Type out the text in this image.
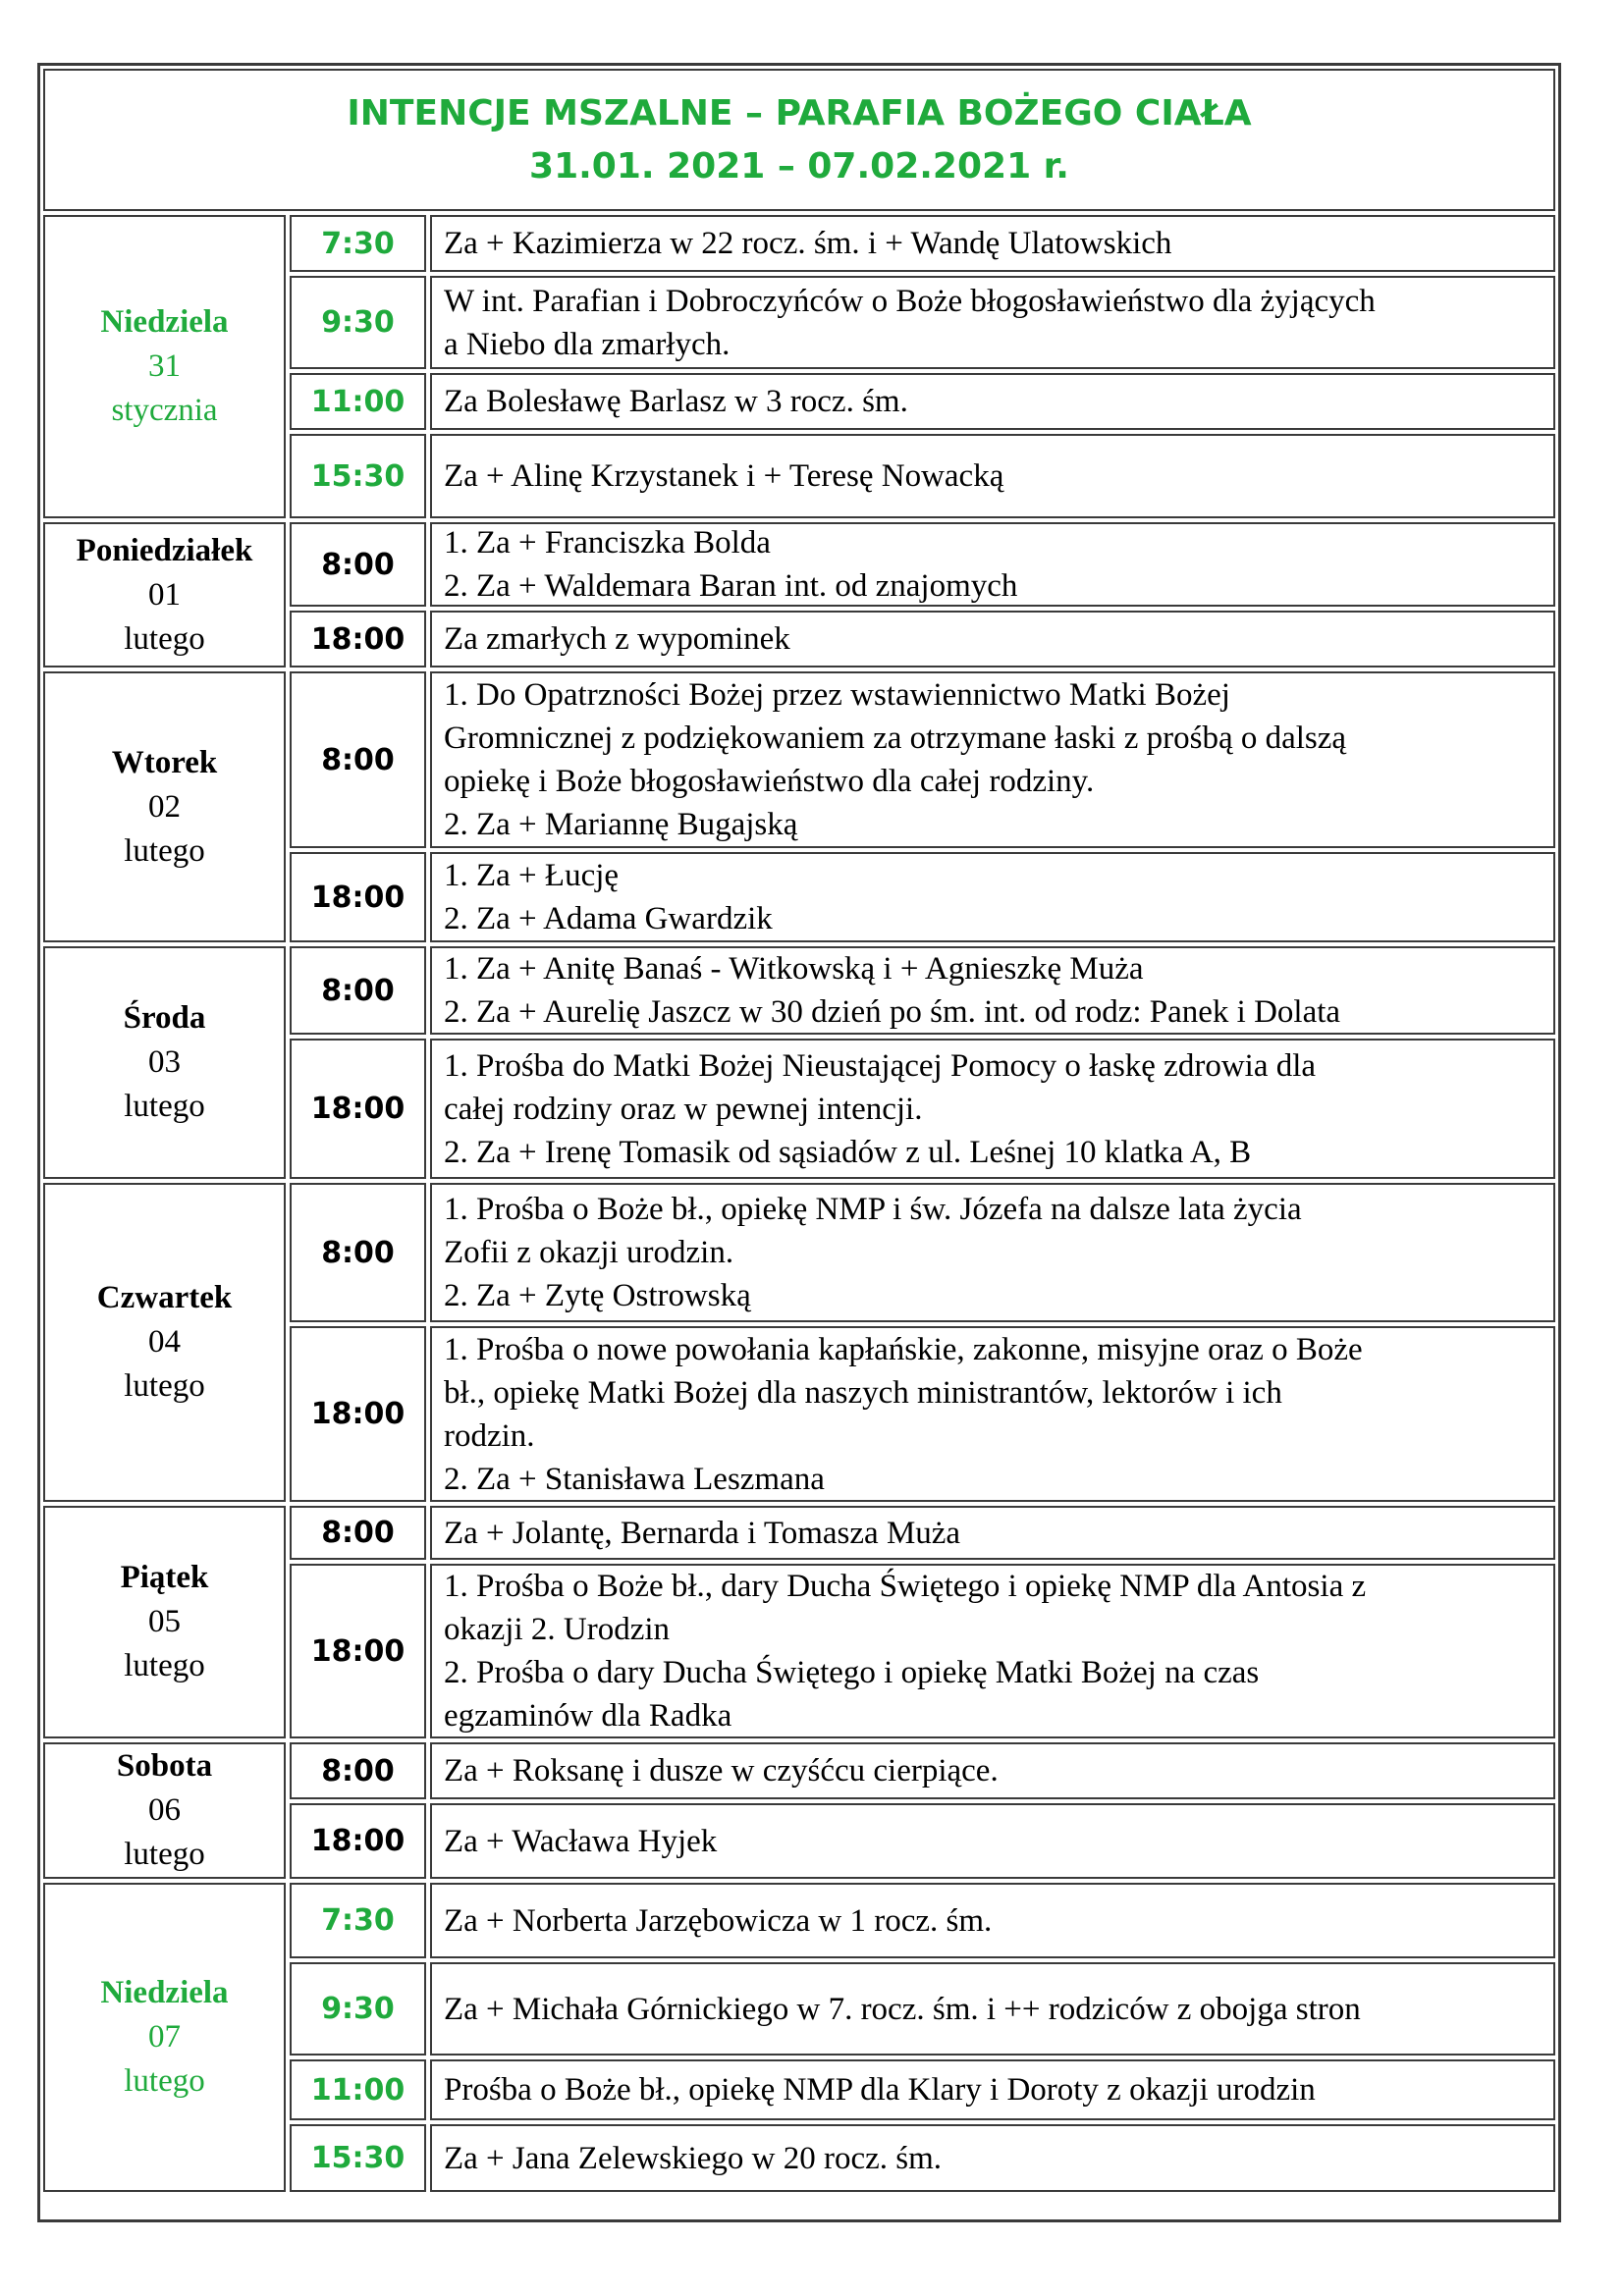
INTENCJE MSZALNE – PARAFIA BOŻEGO CIAŁA
31.01. 2021 – 07.02.2021 r.
Niedziela
31
stycznia
7:30	Za + Kazimierza w 22 rocz. śm. i + Wandę Ulatowskich
9:30
W int. Parafian i Dobroczyńców o Boże błogosławieństwo dla żyjących
a Niebo dla zmarłych.
11:00	Za Bolesławę Barlasz w 3 rocz. śm.
15:30	Za + Alinę Krzystanek i + Teresę Nowacką
Poniedziałek
01
lutego
8:00
1. Za + Franciszka Bolda
2. Za + Waldemara Baran int. od znajomych
18:00	Za zmarłych z wypominek
Wtorek
02
lutego
8:00
1. Do Opatrzności Bożej przez wstawiennictwo Matki Bożej
Gromnicznej z podziękowaniem za otrzymane łaski z prośbą o dalszą
opiekę i Boże błogosławieństwo dla całej rodziny.
2. Za + Mariannę Bugajską
18:00
1. Za + Łucję
2. Za + Adama Gwardzik
Środa
03
lutego
8:00
1. Za + Anitę Banaś - Witkowską i + Agnieszkę Muża
2. Za + Aurelię Jaszcz w 30 dzień po śm. int. od rodz: Panek i Dolata
18:00
1. Prośba do Matki Bożej Nieustającej Pomocy o łaskę zdrowia dla
całej rodziny oraz w pewnej intencji.
2. Za + Irenę Tomasik od sąsiadów z ul. Leśnej 10 klatka A, B
Czwartek
04
lutego
8:00
1. Prośba o Boże bł., opiekę NMP i św. Józefa na dalsze lata życia
Zofii z okazji urodzin.
2. Za + Zytę Ostrowską
18:00
1. Prośba o nowe powołania kapłańskie, zakonne, misyjne oraz o Boże
bł., opiekę Matki Bożej dla naszych ministrantów, lektorów i ich
rodzin.
2. Za + Stanisława Leszmana
Piątek
05
lutego
8:00	Za + Jolantę, Bernarda i Tomasza Muża
18:00
1. Prośba o Boże bł., dary Ducha Świętego i opiekę NMP dla Antosia z
okazji 2. Urodzin
2. Prośba o dary Ducha Świętego i opiekę Matki Bożej na czas
egzaminów dla Radka
Sobota
06
lutego
8:00	Za + Roksanę i dusze w czyśćcu cierpiące.
18:00	Za + Wacława Hyjek
Niedziela
07
lutego
7:30	Za + Norberta Jarzębowicza w 1 rocz. śm.
9:30	Za + Michała Górnickiego w 7. rocz. śm. i ++ rodziców z obojga stron
11:00	Prośba o Boże bł., opiekę NMP dla Klary i Doroty z okazji urodzin
15:30	Za + Jana Zelewskiego w 20 rocz. śm.
